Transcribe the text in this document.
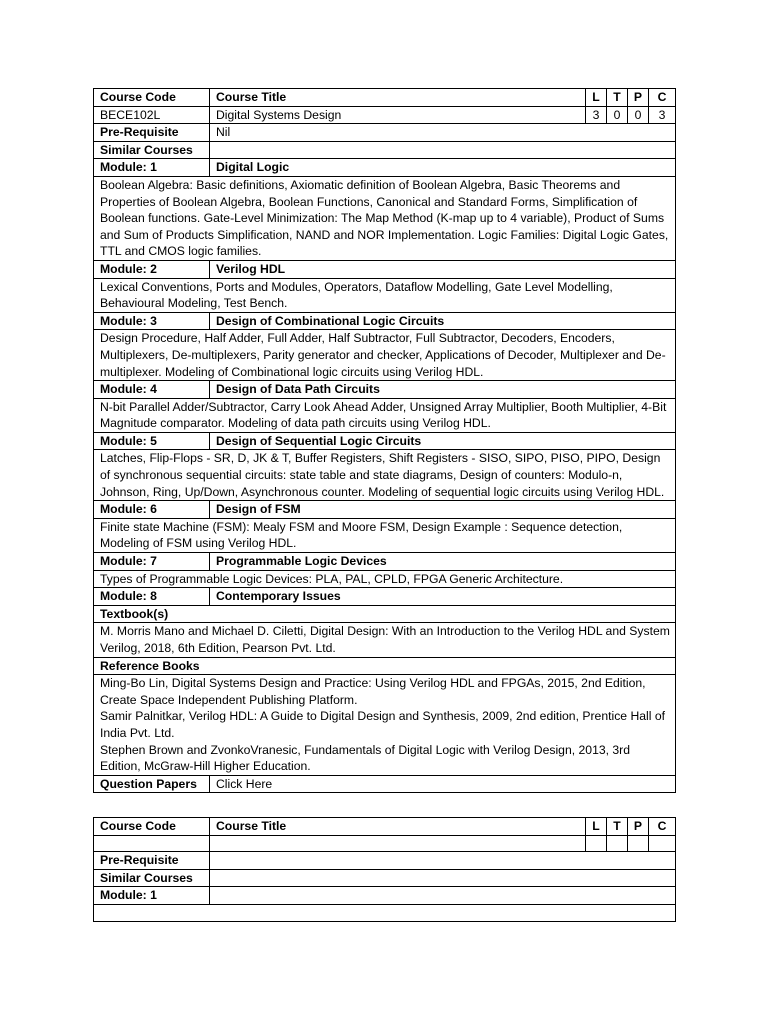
Course Code	Course Title	L	T	P	C
BECE102L	Digital Systems Design	3	0	0	3
Pre-Requisite	Nil				
Similar Courses					
Module: 1	Digital Logic				
Boolean Algebra: Basic definitions, Axiomatic definition of Boolean Algebra, Basic Theorems and Properties of Boolean Algebra, Boolean Functions, Canonical and Standard Forms, Simplification of Boolean functions. Gate-Level Minimization: The Map Method (K-map up to 4 variable), Product of Sums and Sum of Products Simplification, NAND and NOR Implementation. Logic Families: Digital Logic Gates, TTL and CMOS logic families.					
Module: 2	Verilog HDL				
Lexical Conventions, Ports and Modules, Operators, Dataflow Modelling, Gate Level Modelling, Behavioural Modeling, Test Bench.					
Module: 3	Design of Combinational Logic Circuits				
Design Procedure, Half Adder, Full Adder, Half Subtractor, Full Subtractor, Decoders, Encoders, Multiplexers, De-multiplexers, Parity generator and checker, Applications of Decoder, Multiplexer and De-multiplexer. Modeling of Combinational logic circuits using Verilog HDL.					
Module: 4	Design of Data Path Circuits				
N-bit Parallel Adder/Subtractor, Carry Look Ahead Adder, Unsigned Array Multiplier, Booth Multiplier, 4-Bit Magnitude comparator. Modeling of data path circuits using Verilog HDL.					
Module: 5	Design of Sequential Logic Circuits				
Latches, Flip-Flops - SR, D, JK & T, Buffer Registers, Shift Registers - SISO, SIPO, PISO, PIPO, Design of synchronous sequential circuits: state table and state diagrams, Design of counters: Modulo-n, Johnson, Ring, Up/Down, Asynchronous counter. Modeling of sequential logic circuits using Verilog HDL.					
Module: 6	Design of FSM				
Finite state Machine (FSM): Mealy FSM and Moore FSM, Design Example : Sequence detection, Modeling of FSM using Verilog HDL.					
Module: 7	Programmable Logic Devices				
Types of Programmable Logic Devices: PLA, PAL, CPLD, FPGA Generic Architecture.					
Module: 8	Contemporary Issues				
Textbook(s)					
M. Morris Mano and Michael D. Ciletti, Digital Design: With an Introduction to the Verilog HDL and System Verilog, 2018, 6th Edition, Pearson Pvt. Ltd.					
Reference Books					

Ming-Bo Lin, Digital Systems Design and Practice: Using Verilog HDL and FPGAs, 2015, 2nd Edition, Create Space Independent Publishing Platform.
Samir Palnitkar, Verilog HDL: A Guide to Digital Design and Synthesis, 2009, 2nd edition, Prentice Hall of India Pvt. Ltd.
Stephen Brown and ZvonkoVranesic, Fundamentals of Digital Logic with Verilog Design, 2013, 3rd Edition, McGraw-Hill Higher Education.					

Question Papers	Click Here				
Course Code	Course Title	L	T	P	C

Pre-Requisite					
Similar Courses					
Module: 1					
